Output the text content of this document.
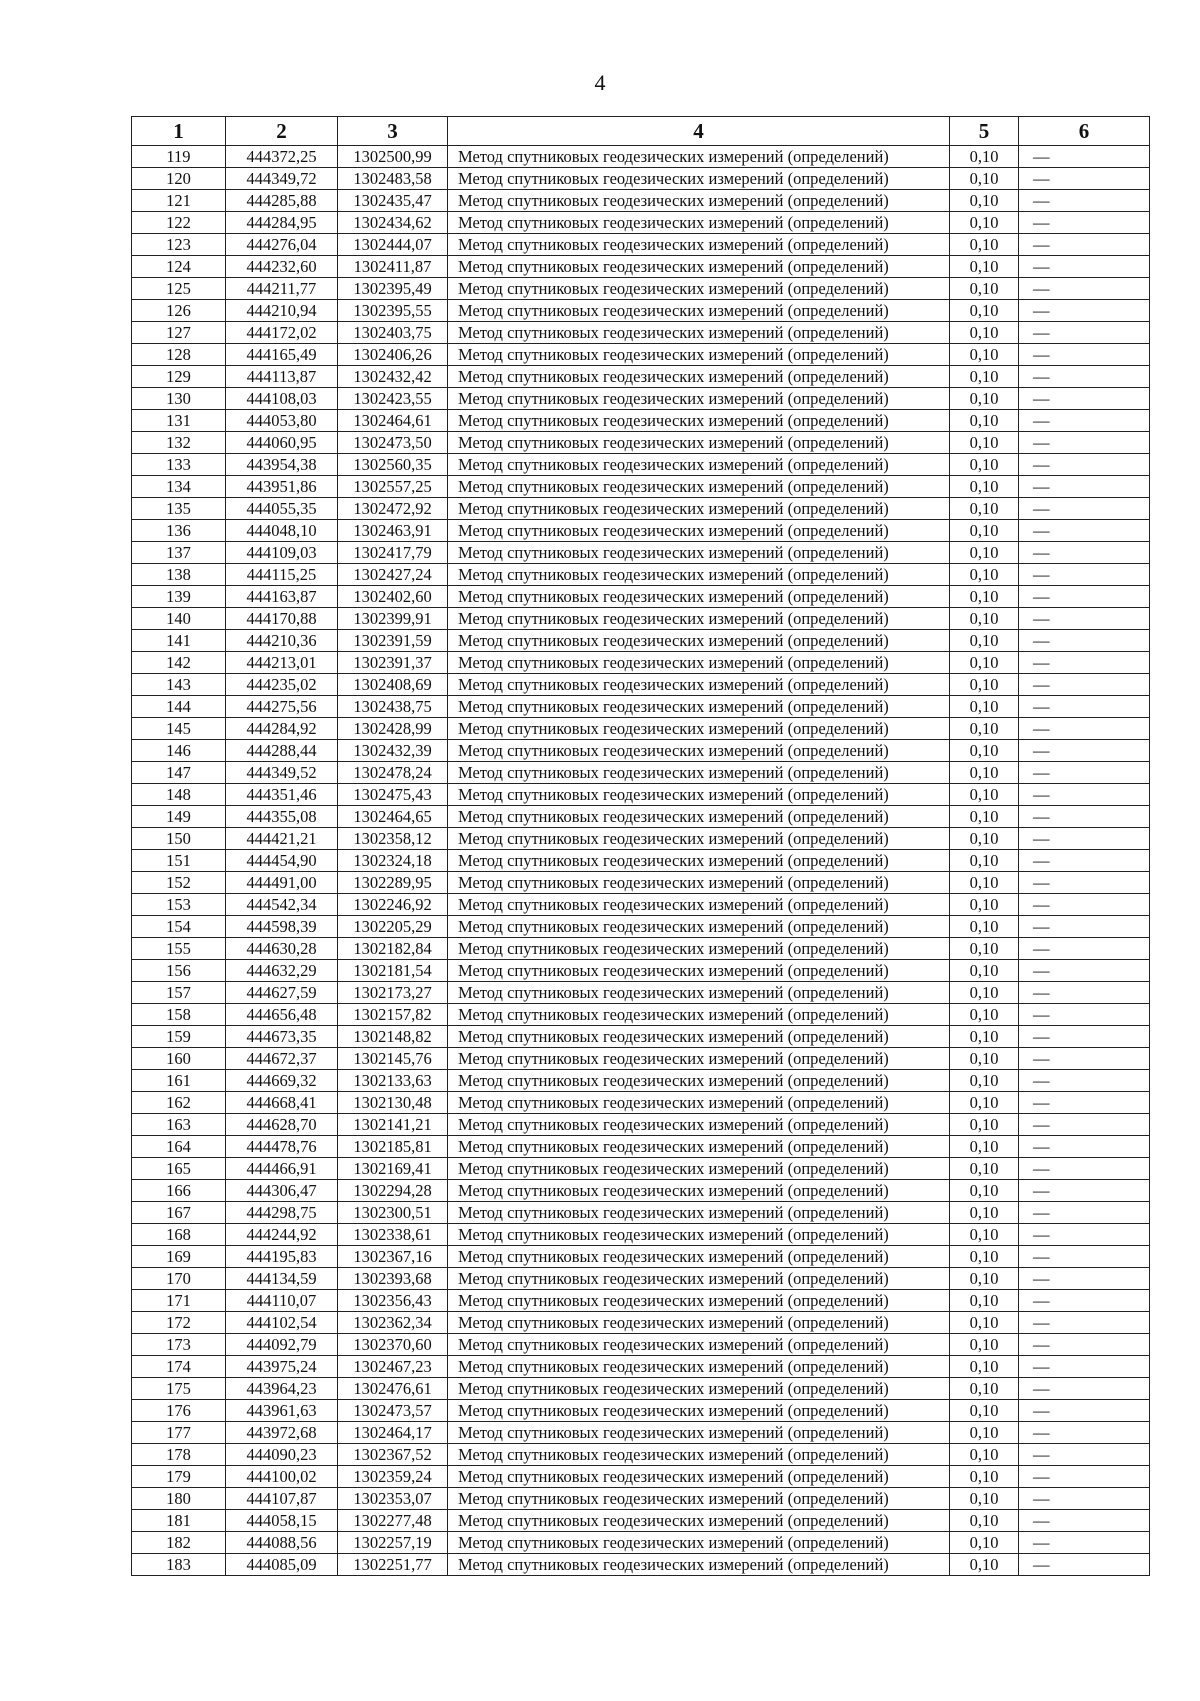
4
1	2	3	4	5	6
119	444372,25	1302500,99	Метод спутниковых геодезических измерений (определений)	0,10	—
120	444349,72	1302483,58	Метод спутниковых геодезических измерений (определений)	0,10	—
121	444285,88	1302435,47	Метод спутниковых геодезических измерений (определений)	0,10	—
122	444284,95	1302434,62	Метод спутниковых геодезических измерений (определений)	0,10	—
123	444276,04	1302444,07	Метод спутниковых геодезических измерений (определений)	0,10	—
124	444232,60	1302411,87	Метод спутниковых геодезических измерений (определений)	0,10	—
125	444211,77	1302395,49	Метод спутниковых геодезических измерений (определений)	0,10	—
126	444210,94	1302395,55	Метод спутниковых геодезических измерений (определений)	0,10	—
127	444172,02	1302403,75	Метод спутниковых геодезических измерений (определений)	0,10	—
128	444165,49	1302406,26	Метод спутниковых геодезических измерений (определений)	0,10	—
129	444113,87	1302432,42	Метод спутниковых геодезических измерений (определений)	0,10	—
130	444108,03	1302423,55	Метод спутниковых геодезических измерений (определений)	0,10	—
131	444053,80	1302464,61	Метод спутниковых геодезических измерений (определений)	0,10	—
132	444060,95	1302473,50	Метод спутниковых геодезических измерений (определений)	0,10	—
133	443954,38	1302560,35	Метод спутниковых геодезических измерений (определений)	0,10	—
134	443951,86	1302557,25	Метод спутниковых геодезических измерений (определений)	0,10	—
135	444055,35	1302472,92	Метод спутниковых геодезических измерений (определений)	0,10	—
136	444048,10	1302463,91	Метод спутниковых геодезических измерений (определений)	0,10	—
137	444109,03	1302417,79	Метод спутниковых геодезических измерений (определений)	0,10	—
138	444115,25	1302427,24	Метод спутниковых геодезических измерений (определений)	0,10	—
139	444163,87	1302402,60	Метод спутниковых геодезических измерений (определений)	0,10	—
140	444170,88	1302399,91	Метод спутниковых геодезических измерений (определений)	0,10	—
141	444210,36	1302391,59	Метод спутниковых геодезических измерений (определений)	0,10	—
142	444213,01	1302391,37	Метод спутниковых геодезических измерений (определений)	0,10	—
143	444235,02	1302408,69	Метод спутниковых геодезических измерений (определений)	0,10	—
144	444275,56	1302438,75	Метод спутниковых геодезических измерений (определений)	0,10	—
145	444284,92	1302428,99	Метод спутниковых геодезических измерений (определений)	0,10	—
146	444288,44	1302432,39	Метод спутниковых геодезических измерений (определений)	0,10	—
147	444349,52	1302478,24	Метод спутниковых геодезических измерений (определений)	0,10	—
148	444351,46	1302475,43	Метод спутниковых геодезических измерений (определений)	0,10	—
149	444355,08	1302464,65	Метод спутниковых геодезических измерений (определений)	0,10	—
150	444421,21	1302358,12	Метод спутниковых геодезических измерений (определений)	0,10	—
151	444454,90	1302324,18	Метод спутниковых геодезических измерений (определений)	0,10	—
152	444491,00	1302289,95	Метод спутниковых геодезических измерений (определений)	0,10	—
153	444542,34	1302246,92	Метод спутниковых геодезических измерений (определений)	0,10	—
154	444598,39	1302205,29	Метод спутниковых геодезических измерений (определений)	0,10	—
155	444630,28	1302182,84	Метод спутниковых геодезических измерений (определений)	0,10	—
156	444632,29	1302181,54	Метод спутниковых геодезических измерений (определений)	0,10	—
157	444627,59	1302173,27	Метод спутниковых геодезических измерений (определений)	0,10	—
158	444656,48	1302157,82	Метод спутниковых геодезических измерений (определений)	0,10	—
159	444673,35	1302148,82	Метод спутниковых геодезических измерений (определений)	0,10	—
160	444672,37	1302145,76	Метод спутниковых геодезических измерений (определений)	0,10	—
161	444669,32	1302133,63	Метод спутниковых геодезических измерений (определений)	0,10	—
162	444668,41	1302130,48	Метод спутниковых геодезических измерений (определений)	0,10	—
163	444628,70	1302141,21	Метод спутниковых геодезических измерений (определений)	0,10	—
164	444478,76	1302185,81	Метод спутниковых геодезических измерений (определений)	0,10	—
165	444466,91	1302169,41	Метод спутниковых геодезических измерений (определений)	0,10	—
166	444306,47	1302294,28	Метод спутниковых геодезических измерений (определений)	0,10	—
167	444298,75	1302300,51	Метод спутниковых геодезических измерений (определений)	0,10	—
168	444244,92	1302338,61	Метод спутниковых геодезических измерений (определений)	0,10	—
169	444195,83	1302367,16	Метод спутниковых геодезических измерений (определений)	0,10	—
170	444134,59	1302393,68	Метод спутниковых геодезических измерений (определений)	0,10	—
171	444110,07	1302356,43	Метод спутниковых геодезических измерений (определений)	0,10	—
172	444102,54	1302362,34	Метод спутниковых геодезических измерений (определений)	0,10	—
173	444092,79	1302370,60	Метод спутниковых геодезических измерений (определений)	0,10	—
174	443975,24	1302467,23	Метод спутниковых геодезических измерений (определений)	0,10	—
175	443964,23	1302476,61	Метод спутниковых геодезических измерений (определений)	0,10	—
176	443961,63	1302473,57	Метод спутниковых геодезических измерений (определений)	0,10	—
177	443972,68	1302464,17	Метод спутниковых геодезических измерений (определений)	0,10	—
178	444090,23	1302367,52	Метод спутниковых геодезических измерений (определений)	0,10	—
179	444100,02	1302359,24	Метод спутниковых геодезических измерений (определений)	0,10	—
180	444107,87	1302353,07	Метод спутниковых геодезических измерений (определений)	0,10	—
181	444058,15	1302277,48	Метод спутниковых геодезических измерений (определений)	0,10	—
182	444088,56	1302257,19	Метод спутниковых геодезических измерений (определений)	0,10	—
183	444085,09	1302251,77	Метод спутниковых геодезических измерений (определений)	0,10	—
